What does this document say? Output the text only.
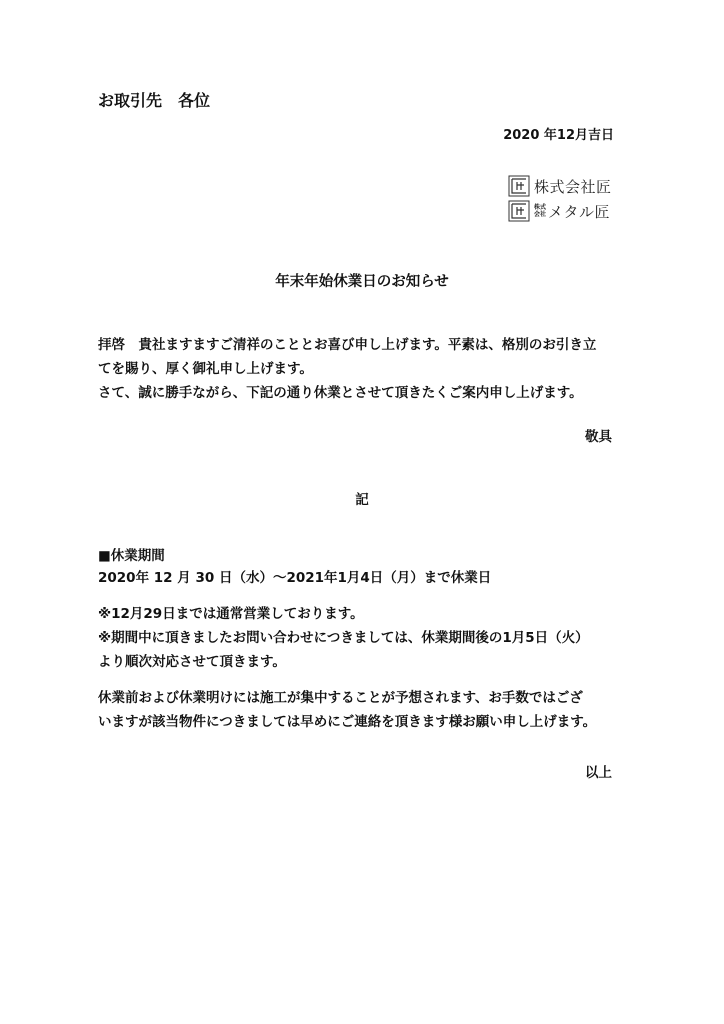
お取引先　各位
2020 年12月吉日
株式会社匠
株式
会社 メタル匠
年末年始休業日のお知らせ
拝啓　貴社ますますご清祥のこととお喜び申し上げます。平素は、格別のお引き立
てを賜り、厚く御礼申し上げます。
さて、誠に勝手ながら、下記の通り休業とさせて頂きたくご案内申し上げます。
敬具
記
■休業期間
2020年 12 月 30 日（水）～2021年1月4日（月）まで休業日
※12月29日までは通常営業しております。
※期間中に頂きましたお問い合わせにつきましては、休業期間後の1月5日（火）
より順次対応させて頂きます。
休業前および休業明けには施工が集中することが予想されます、お手数ではござ
いますが該当物件につきましては早めにご連絡を頂きます様お願い申し上げます。
以上
